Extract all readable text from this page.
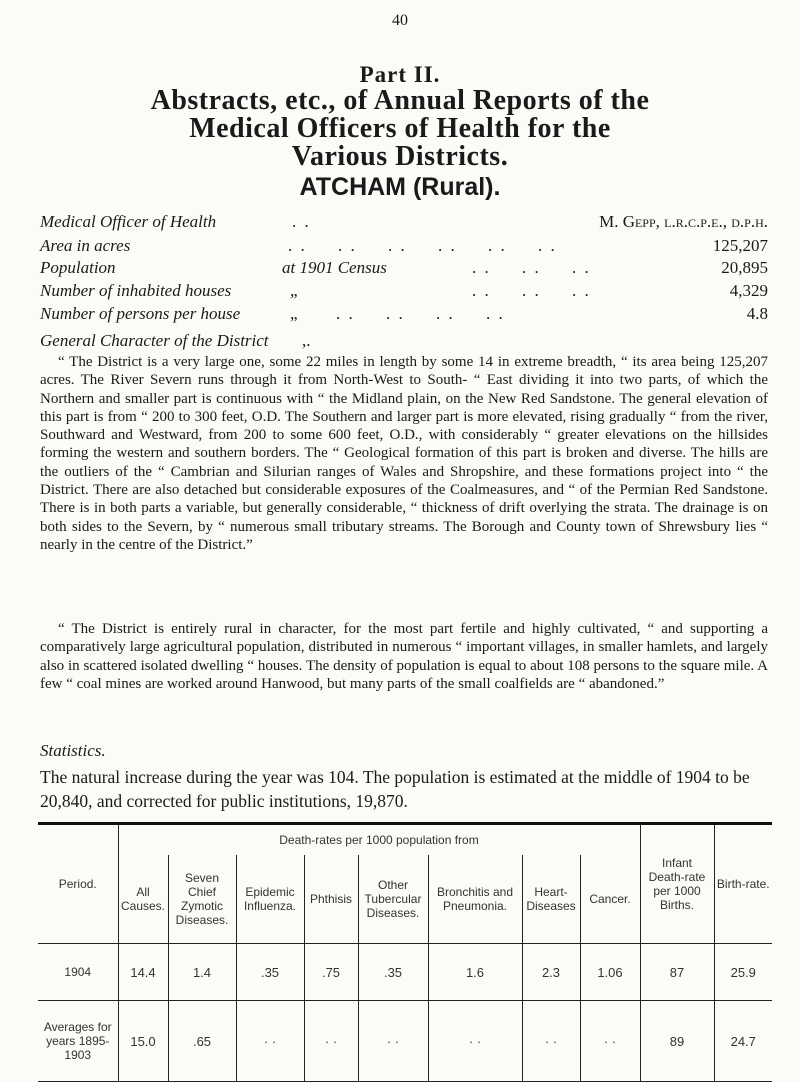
40
Part II.
Abstracts, etc., of Annual Reports of the
Medical Officers of Health for the
Various Districts.
ATCHAM (Rural).
Medical Officer of Health	. .	M. Gepp, l.r.c.p.e., d.p.h.
Area in acres	. .     . .     . .     . .     . .     . .	125,207
Population	at 1901 Census	. .     . .     . .	20,895
Number of inhabited houses	„	. .     . .     . .	4,329
Number of persons per house	„ . .     . .     . .     . .	4.8
General Character of the District ,.
“ The District is a very large one, some 22 miles in length by some 14 in extreme breadth, “ its area being 125,207 acres. The River Severn runs through it from North-West to South- “ East dividing it into two parts, of which the Northern and smaller part is continuous with “ the Midland plain, on the New Red Sandstone. The general elevation of this part is from “ 200 to 300 feet, O.D. The Southern and larger part is more elevated, rising gradually “ from the river, Southward and Westward, from 200 to some 600 feet, O.D., with considerably “ greater elevations on the hillsides forming the western and southern borders. The “ Geological formation of this part is broken and diverse. The hills are the outliers of the “ Cambrian and Silurian ranges of Wales and Shropshire, and these formations project into “ the District. There are also detached but considerable exposures of the Coalmeasures, and “ of the Permian Red Sandstone. There is in both parts a variable, but generally considerable, “ thickness of drift overlying the strata. The drainage is on both sides to the Severn, by “ numerous small tributary streams. The Borough and County town of Shrewsbury lies “ nearly in the centre of the District.”
“ The District is entirely rural in character, for the most part fertile and highly cultivated, “ and supporting a comparatively large agricultural population, distributed in numerous “ important villages, in smaller hamlets, and largely also in scattered isolated dwelling “ houses. The density of population is equal to about 108 persons to the square mile. A few “ coal mines are worked around Hanwood, but many parts of the small coalfields are “ abandoned.”
Statistics.
The natural increase during the year was 104. The population is estimated at the middle of 1904 to be 20,840, and corrected for public institutions, 19,870.
Period.	Death-rates per 1000 population from								Infant Death-rate per 1000 Births.	Birth-rate.
	All Causes.	Seven Chief Zymotic Diseases.	Epidemic Influenza.	Phthisis	Other Tubercular Diseases.	Bronchitis and Pneumonia.	Heart-Diseases	Cancer.		
1904	14.4	1.4	.35	.75	.35	1.6	2.3	1.06	87	25.9
Averages for years 1895-1903	15.0	.65	· ·	· ·	· ·	· ·	· ·	· ·	89	24.7
